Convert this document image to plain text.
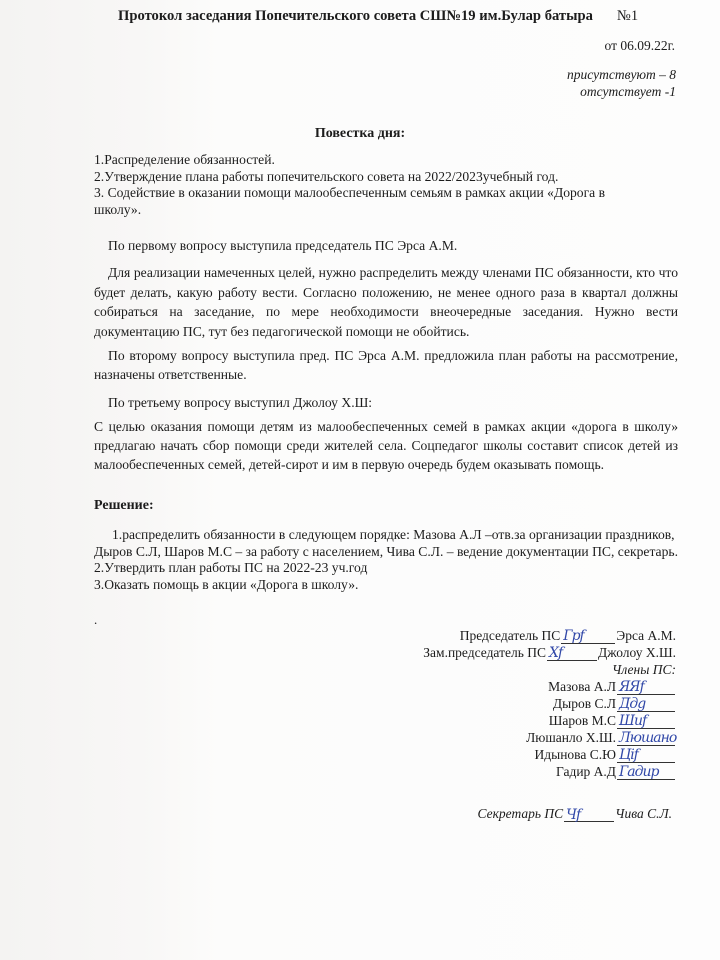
Протокол заседания Попечительского совета СШ№19 им.Булар батыра №1
от 06.09.22г.
присутствуют – 8
отсутствует -1
Повестка дня:
1.Распределение обязанностей.
2.Утверждение плана работы попечительского совета на 2022/2023учебный год.
3. Содействие в оказании помощи малообеспеченным семьям в рамках акции «Дорога в
школу».
По первому вопросу выступила председатель ПС Эрса А.М.
Для реализации намеченных целей, нужно распределить между членами ПС обязанности, кто что будет делать, какую работу вести. Согласно положению, не менее одного раза в квартал должны собираться на заседание, по мере необходимости внеочередные заседания. Нужно вести документацию ПС, тут без педагогической помощи не обойтись.
По второму вопросу выступила пред. ПС Эрса А.М. предложила план работы на рассмотрение, назначены ответственные.
По третьему вопросу выступил Джолоу Х.Ш:
С целью оказания помощи детям из малообеспеченных семей в рамках акции «дорога в школу» предлагаю начать сбор помощи среди жителей села. Соцпедагог школы составит список детей из малообеспеченных семей, детей-сирот и им в первую очередь будем оказывать помощь.
Решение:
1.распределить обязанности в следующем порядке: Мазова А.Л –отв.за организации праздников, Дыров С.Л, Шаров М.С – за работу с населением, Чива С.Л. – ведение документации ПС, секретарь.
2.Утвердить план работы ПС на 2022-23 уч.год
3.Оказать помощь в акции «Дорога в школу».
.
Председатель ПС Грf Эрса А.М.
Зам.председатель ПС Xf	Джолоу Х.Ш.
Члены ПС:
Мазова А.Л ЯЯf
Дыров С.Л Ддg
Шаров М.С Шиf
Люшанло Х.Ш. Люшано
Идынова С.Ю Цif
Гадир А.Д Гадир
Секретарь ПС Чf	Чива С.Л.
